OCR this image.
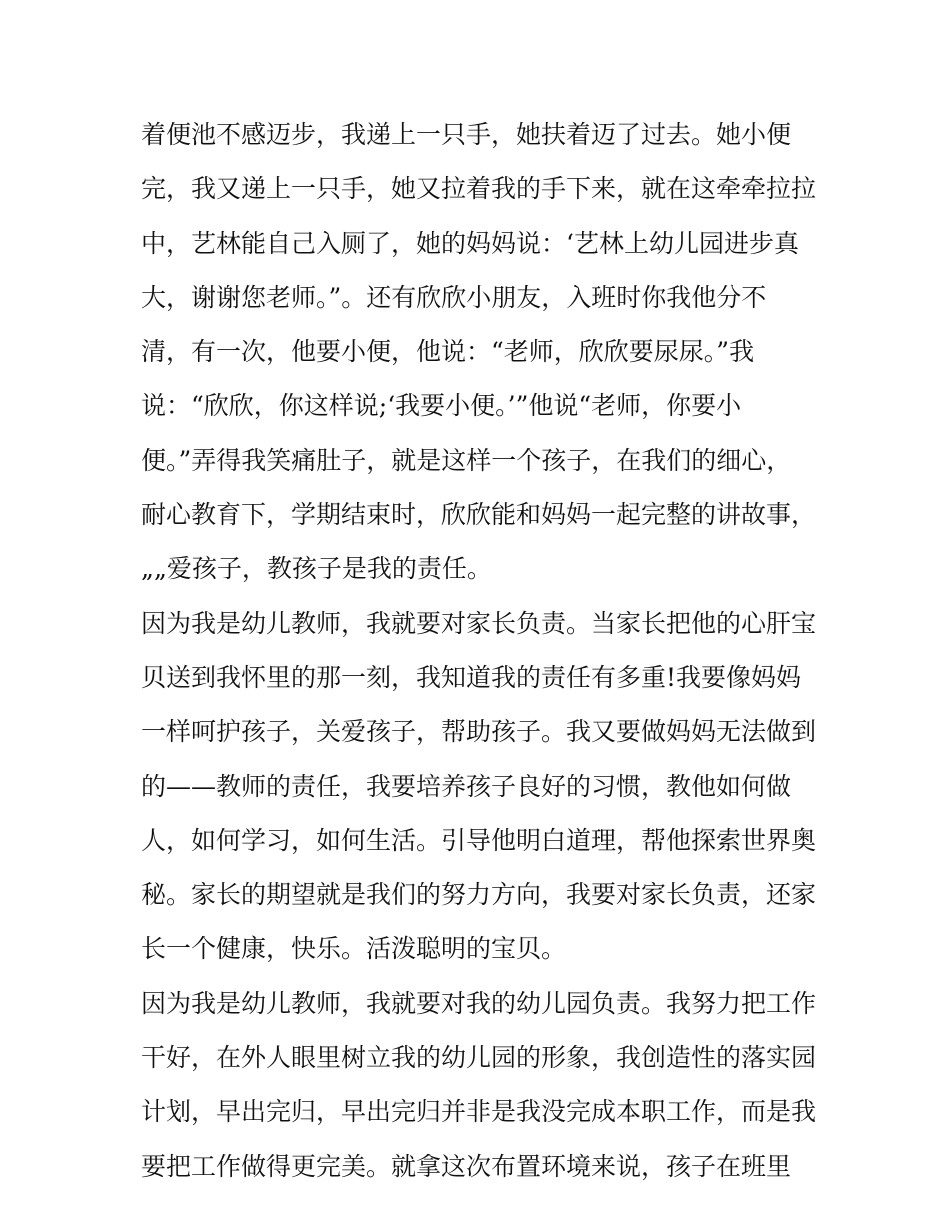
着便池不感迈步，我递上一只手，她扶着迈了过去。她小便
完，我又递上一只手，她又拉着我的手下来，就在这牵牵拉拉
中，艺林能自己入厕了，她的妈妈说：‘艺林上幼儿园进步真
大，谢谢您老师。”。还有欣欣小朋友，入班时你我他分不
清，有一次，他要小便，他说：“老师，欣欣要尿尿。”我
说：“欣欣，你这样说;‘我要小便。’”他说“老师，你要小
便。”弄得我笑痛肚子，就是这样一个孩子，在我们的细心，
耐心教育下，学期结束时，欣欣能和妈妈一起完整的讲故事，
„„爱孩子，教孩子是我的责任。
因为我是幼儿教师，我就要对家长负责。当家长把他的心肝宝
贝送到我怀里的那一刻，我知道我的责任有多重!我要像妈妈
一样呵护孩子，关爱孩子，帮助孩子。我又要做妈妈无法做到
的——教师的责任，我要培养孩子良好的习惯，教他如何做
人，如何学习，如何生活。引导他明白道理，帮他探索世界奥
秘。家长的期望就是我们的努力方向，我要对家长负责，还家
长一个健康，快乐。活泼聪明的宝贝。
因为我是幼儿教师，我就要对我的幼儿园负责。我努力把工作
干好，在外人眼里树立我的幼儿园的形象，我创造性的落实园
计划，早出完归，早出完归并非是我没完成本职工作，而是我
要把工作做得更完美。就拿这次布置环境来说，孩子在班里
